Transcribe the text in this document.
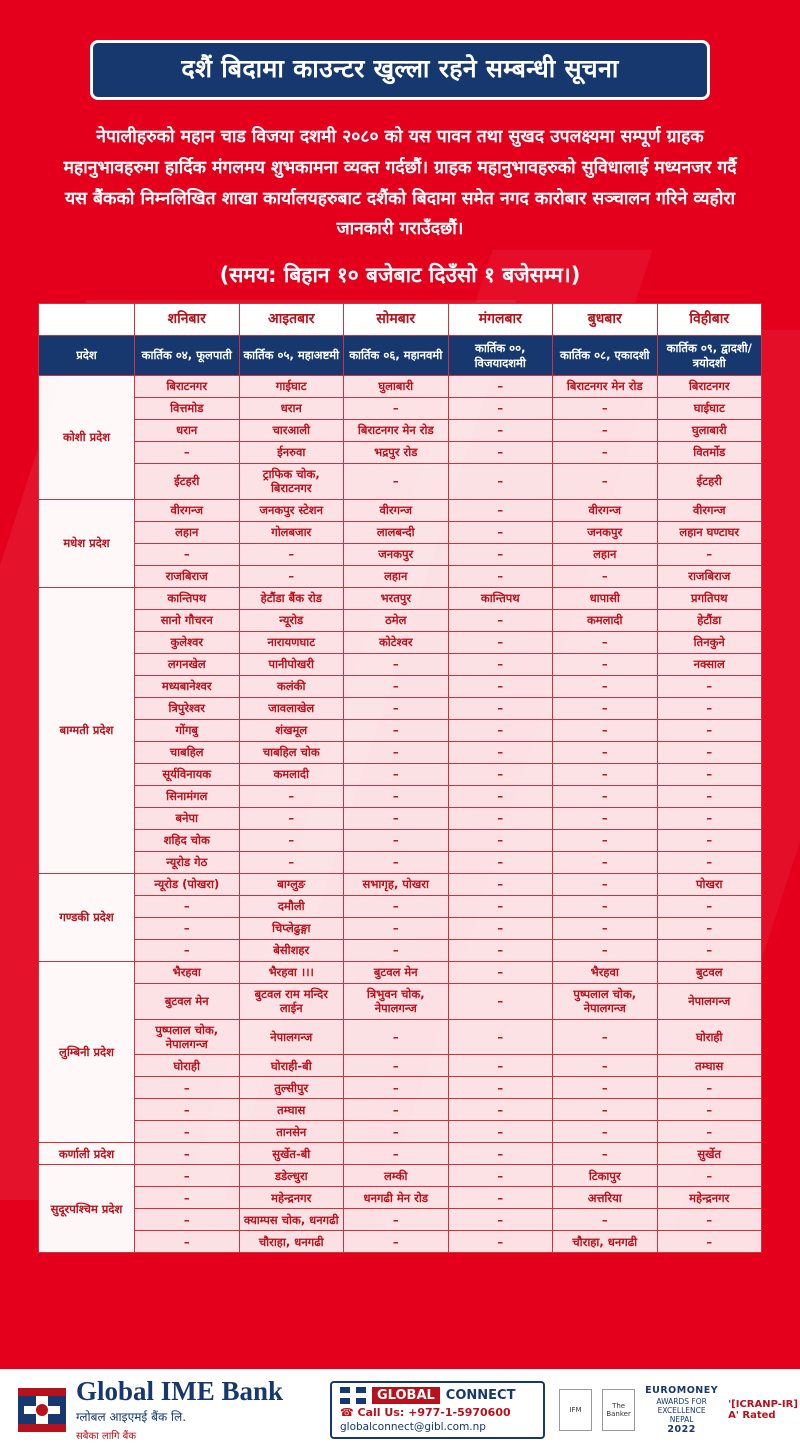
दशैं बिदामा काउन्टर खुल्ला रहने सम्बन्धी सूचना
नेपालीहरुको महान चाड विजया दशमी २०८० को यस पावन तथा सुखद उपलक्ष्यमा सम्पूर्ण ग्राहक महानुभावहरुमा हार्दिक मंगलमय शुभकामना व्यक्त गर्दछौं। ग्राहक महानुभावहरुको सुविधालाई मध्यनजर गर्दै यस बैंकको निम्नलिखित शाखा कार्यालयहरुबाट दशैंको बिदामा समेत नगद कारोबार सञ्चालन गरिने व्यहोरा जानकारी गराउँदछौं।
(समय: बिहान १० बजेबाट दिउँसो १ बजेसम्म।)
	शनिबार	आइतबार	सोमबार	मंगलबार	बुधबार	विहीबार
प्रदेश	कार्तिक ०४, फूलपाती	कार्तिक ०५, महाअष्टमी	कार्तिक ०६, महानवमी	कार्तिक ००, विजयादशमी	कार्तिक ०८, एकादशी	कार्तिक ०९, द्वादशी/त्रयोदशी
कोशी प्रदेश	बिराटनगर	गाईघाट	घुलाबारी	–	बिराटनगर मेन रोड	बिराटनगर
	वित्तमोड	धरान	–	–	–	घाईघाट
	धरान	चारआली	बिराटनगर मेन रोड	–	–	घुलाबारी
	–	ईनरुवा	भद्रपुर रोड	–	–	वितर्मोड
	ईटहरी	ट्राफिक चोक, बिराटनगर	–	–	–	ईटहरी
मधेश प्रदेश	वीरगन्ज	जनकपुर स्टेशन	वीरगन्ज	–	वीरगन्ज	वीरगन्ज
	लहान	गोलबजार	लालबन्दी	–	जनकपुर	लहान घण्टाघर
	–	–	जनकपुर	–	लहान	–
	राजबिराज	–	लहान	–	–	राजबिराज
बाग्मती प्रदेश	कान्तिपथ	हेटौंडा बैंक रोड	भरतपुर	कान्तिपथ	धापासी	प्रगतिपथ
	सानो गौचरन	न्यूरोड	ठमेल	–	कमलादी	हेटौंडा
	कुलेश्वर	नारायणघाट	कोटेश्वर	–	–	तिनकुने
	लगनखेल	पानीपोखरी	–	–	–	नक्साल
	मध्यबानेश्वर	कलंकी	–	–	–	–
	त्रिपुरेश्वर	जावलाखेल	–	–	–	–
	गोंगबु	शंखमूल	–	–	–	–
	चाबहिल	चाबहिल चोक	–	–	–	–
	सूर्यविनायक	कमलादी	–	–	–	–
	सिनामंगल	–	–	–	–	–
	बनेपा	–	–	–	–	–
	शहिद चोक	–	–	–	–	–
	न्यूरोड गेठ	–	–	–	–	–
गण्डकी प्रदेश	न्यूरोड (पोखरा)	बाग्लुङ	सभागृह, पोखरा	–	–	पोखरा
	–	दमौली	–	–	–	–
	–	चिप्लेढुङ्गा	–	–	–	–
	–	बेसीशहर	–	–	–	–
लुम्बिनी प्रदेश	भैरहवा	भैरहवा ।।।	बुटवल मेन	–	भैरहवा	बुटवल
	बुटवल मेन	बुटवल राम मन्दिर लाईन	त्रिभुवन चोक, नेपालगन्ज	–	पुष्पलाल चोक, नेपालगन्ज	नेपालगन्ज
	पुष्पलाल चोक, नेपालगन्ज	नेपालगन्ज	–	–	–	घोराही
	घोराही	घोराही-बी	–	–	–	तम्घास
	–	तुल्सीपुर	–	–	–	–
	–	तम्घास	–	–	–	–
	–	तानसेन	–	–	–	–
कर्णाली प्रदेश	–	सुर्खेत-बी	–	–	–	सुर्खेत
सुदूरपश्चिम प्रदेश	–	डडेल्धुरा	लम्की	–	टिकापुर	–
	–	महेन्द्रनगर	धनगढी मेन रोड	–	अत्तरिया	महेन्द्रनगर
	–	क्याम्पस चोक, धनगढी	–	–	–	–
	–	चौराहा, धनगढी	–	–	चौराहा, धनगढी	–
Global IME Bank
ग्लोबल आइएमई बैंक लि.
सबैका लागि बैंक
GLOBAL CONNECT
☎ Call Us: +977-1-5970600
globalconnect@gibl.com.np
IFM
The Banker
EUROMONEY
AWARDS FOR EXCELLENCE
NEPAL
2022
'[ICRANP-IR] A' Rated
